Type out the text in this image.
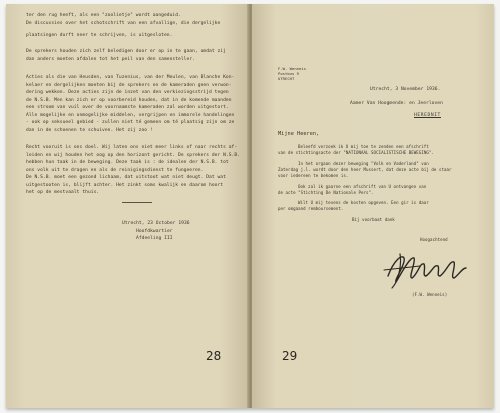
ter den rug heeft, als een "zoolietje" wordt aangeduid.
De discussies over het schotschrift van een afvallige, die dergelijke
plaatsingen durft neer te schrijven, is uitgesloten.
De sprekers houden zich zelf beledigen door er op in te gaan, omdat zij
dan anders moeten afdalen tot het peil van den samensteller.
Acties als die van Heusden, van Tuzenius, van der Meulen, van Blanche Kon-
kelaer en dergelijken moeten bij de sprekers en de kameraden geen verwon-
dering wekken. Deze acties zijn de inzet van den verkiezingsstrijd tegen
de N.S.B. Men kan zich er op voorbereid houden, dat in de komende maanden
een stroom van vuil over de voornaamste kameraden zal worden uitgestort.
Alle mogelijke en onmogelijke middelen, vergrijpen en immorele handelingen
- ook op seksueel gebied - zullen niet té gemeen om té plaatsig zijn om ze
dan in de schoenen te schuiven. Het zij zoo !
Recht vooruit is ons doel. Wij laten ons niet meer links of naar rechts af-
leiden en wij houden het oog op den horizont gericht. De sprekers der N.S.B.
hebben hun taak in de beweging. Deze taak is : de idealen der N.S.B. tot
ons volk uit te dragen en als de reinigingsdienst te fungeeren.
De N.S.B. moet een gezond lichaam, dat uitstoot wat niet deugt. Dat wat
uitgestooten is, blijft achter. Het zinkt soms kwalijk en daarom hoort
het op de mestvaalt thuis.
Utrecht, 23 October 1936
Hoofdkwartier
Afdeeling III
28
F.W. Wenneis
Postbus 9
UTRECHT
Utrecht, 3 November 1936.
Aamer Van Hoogmende: en Jeerloven
HEREDNIT
Mijne Heeren,
Beleefd verzoek ik U mij toe te zenden een afschrift
van de stichtingsacte der "NATIONAAL SOCIALISTISCHE BEWEGING".
In het orgaan dezer beweging "Volk en Vaderland" van
Zaterdag j.l. wordt door den heer Mussert, dat deze acte bij de staar
voor iedereen te bekomen is.
Ook zal ik gaarne een afschrift van U ontvangen van
de acte "Stichting De Nationale Pers".
Wilt U mij tevens de kosten opgeven. Een gir is daar
per omgaand remboursement.
Bij voorbaat dank
Hoogachtend
(F.W. Wenneis)
29
